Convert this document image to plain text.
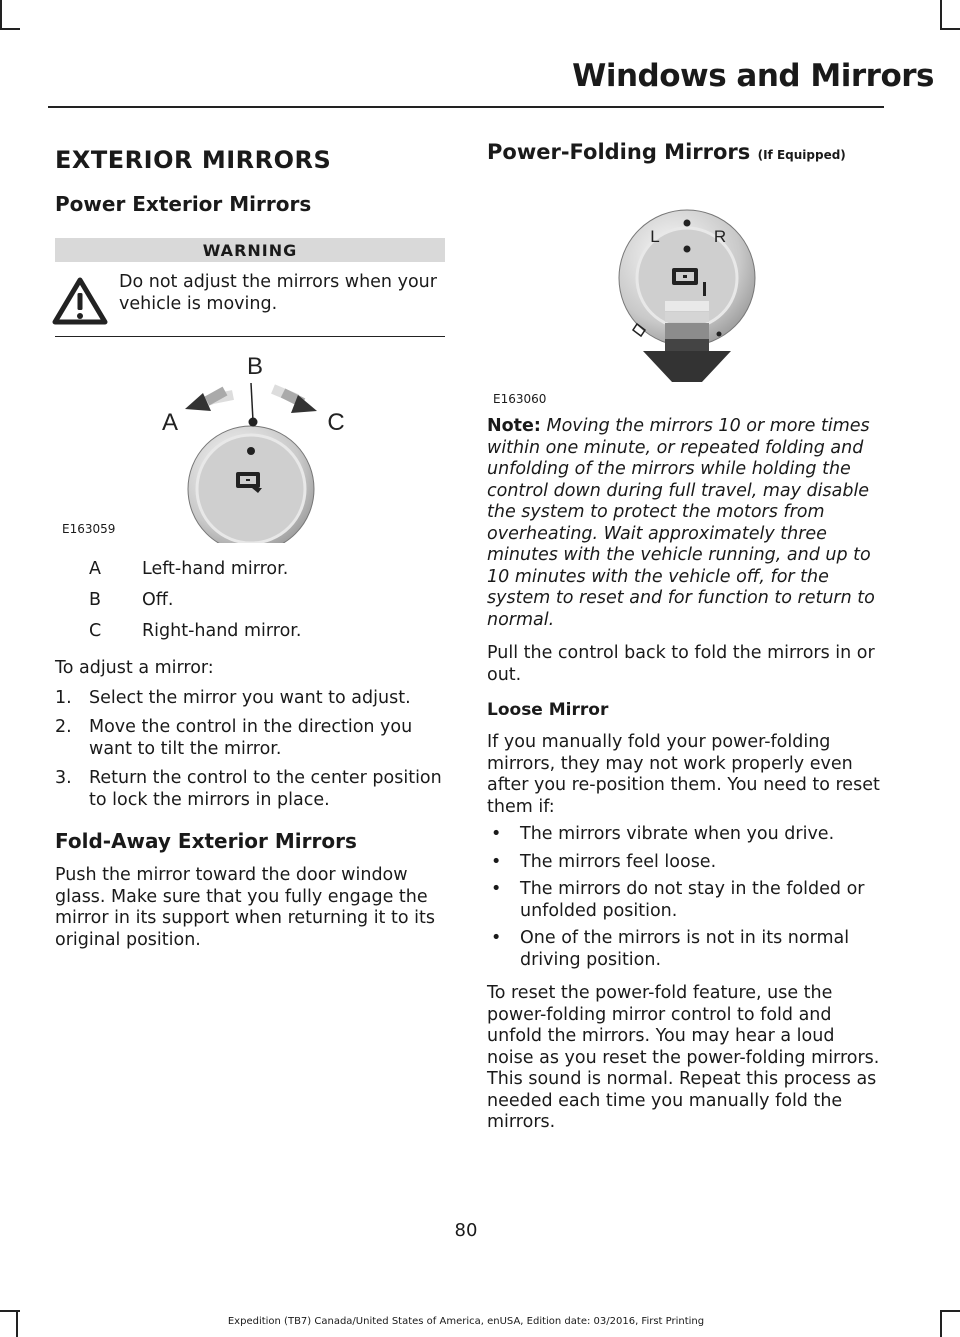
Windows and Mirrors
EXTERIOR MIRRORS
Power Exterior Mirrors
WARNING
Do not adjust the mirrors when your vehicle is moving.
B
A	C
E163059
A	Left-hand mirror.
B	Off.
C	Right-hand mirror.

To adjust a mirror:

1. Select the mirror you want to adjust.
2. Move the control in the direction you want to tilt the mirror.
3. Return the control to the center position to lock the mirrors in place.
Fold-Away Exterior Mirrors

Push the mirror toward the door window glass. Make sure that you fully engage the mirror in its support when returning it to its original position.

Power-Folding Mirrors (If Equipped)
L	R
E163060

Note: Moving the mirrors 10 or more times within one minute, or repeated folding and unfolding of the mirrors while holding the control down during full travel, may disable the system to protect the motors from overheating. Wait approximately three minutes with the vehicle running, and up to 10 minutes with the vehicle off, for the system to reset and for function to return to normal.

Pull the control back to fold the mirrors in or out.

Loose Mirror

If you manually fold your power-folding mirrors, they may not work properly even after you re-position them. You need to reset them if:

•	The mirrors vibrate when you drive.
•	The mirrors feel loose.
•	The mirrors do not stay in the folded or unfolded position.
•	One of the mirrors is not in its normal driving position.

To reset the power-fold feature, use the power-folding mirror control to fold and unfold the mirrors. You may hear a loud noise as you reset the power-folding mirrors. This sound is normal. Repeat this process as needed each time you manually fold the mirrors.

80
Expedition (TB7) Canada/United States of America, enUSA, Edition date: 03/2016, First Printing
